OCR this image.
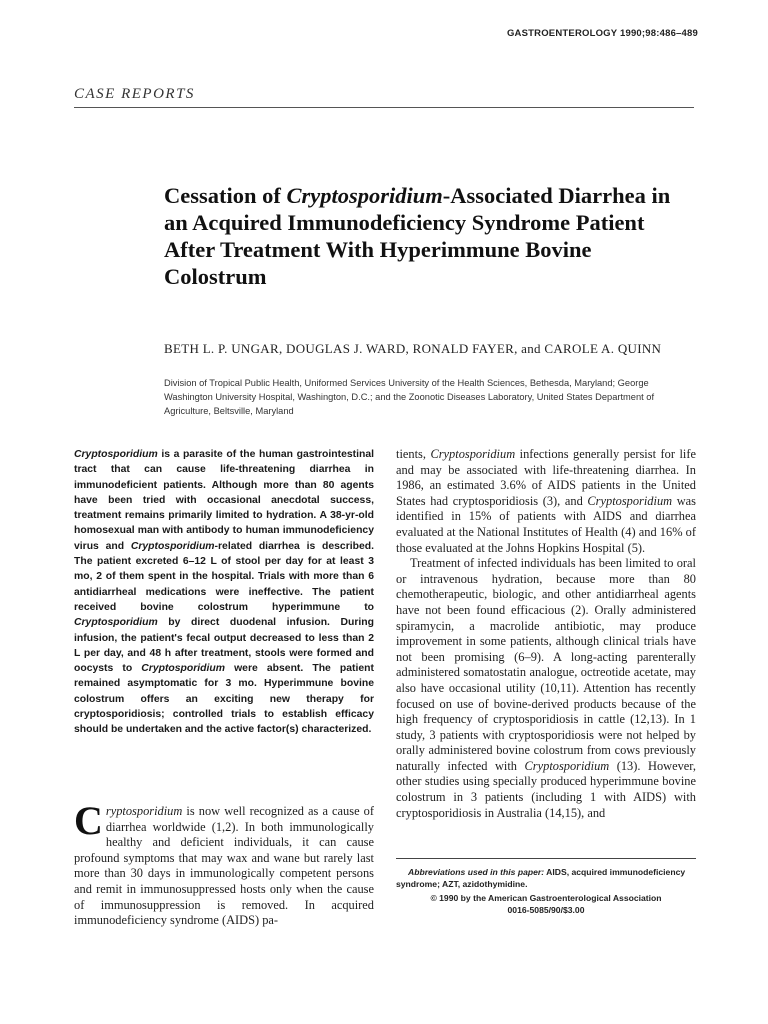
GASTROENTEROLOGY 1990;98:486–489
CASE REPORTS
Cessation of Cryptosporidium-Associated Diarrhea in an Acquired Immunodeficiency Syndrome Patient After Treatment With Hyperimmune Bovine Colostrum

BETH L. P. UNGAR, DOUGLAS J. WARD, RONALD FAYER, and CAROLE A. QUINN

Division of Tropical Public Health, Uniformed Services University of the Health Sciences, Bethesda, Maryland; George Washington University Hospital, Washington, D.C.; and the Zoonotic Diseases Laboratory, United States Department of Agriculture, Beltsville, Maryland

Cryptosporidium is a parasite of the human gastrointestinal tract that can cause life-threatening diarrhea in immunodeficient patients. Although more than 80 agents have been tried with occasional anecdotal success, treatment remains primarily limited to hydration. A 38-yr-old homosexual man with antibody to human immunodeficiency virus and Cryptosporidium-related diarrhea is described. The patient excreted 6–12 L of stool per day for at least 3 mo, 2 of them spent in the hospital. Trials with more than 6 antidiarrheal medications were ineffective. The patient received bovine colostrum hyperimmune to Cryptosporidium by direct duodenal infusion. During infusion, the patient's fecal output decreased to less than 2 L per day, and 48 h after treatment, stools were formed and oocysts to Cryptosporidium were absent. The patient remained asymptomatic for 3 mo. Hyperimmune bovine colostrum offers an exciting new therapy for cryptosporidiosis; controlled trials to establish efficacy should be undertaken and the active factor(s) characterized.

Cryptosporidium is now well recognized as a cause of diarrhea worldwide (1,2). In both immunologically healthy and deficient individuals, it can cause profound symptoms that may wax and wane but rarely last more than 30 days in immunologically competent persons and remit in immunosuppressed hosts only when the cause of immunosuppression is removed. In acquired immunodeficiency syndrome (AIDS) pa-

tients, Cryptosporidium infections generally persist for life and may be associated with life-threatening diarrhea. In 1986, an estimated 3.6% of AIDS patients in the United States had cryptosporidiosis (3), and Cryptosporidium was identified in 15% of patients with AIDS and diarrhea evaluated at the National Institutes of Health (4) and 16% of those evaluated at the Johns Hopkins Hospital (5).

Treatment of infected individuals has been limited to oral or intravenous hydration, because more than 80 chemotherapeutic, biologic, and other antidiarrheal agents have not been found efficacious (2). Orally administered spiramycin, a macrolide antibiotic, may produce improvement in some patients, although clinical trials have not been promising (6–9). A long-acting parenterally administered somatostatin analogue, octreotide acetate, may also have occasional utility (10,11). Attention has recently focused on use of bovine-derived products because of the high frequency of cryptosporidiosis in cattle (12,13). In 1 study, 3 patients with cryptosporidiosis were not helped by orally administered bovine colostrum from cows previously naturally infected with Cryptosporidium (13). However, other studies using specially produced hyperimmune bovine colostrum in 3 patients (including 1 with AIDS) with cryptosporidiosis in Australia (14,15), and

Abbreviations used in this paper: AIDS, acquired immunodeficiency syndrome; AZT, azidothymidine.

© 1990 by the American Gastroenterological Association

0016-5085/90/$3.00
